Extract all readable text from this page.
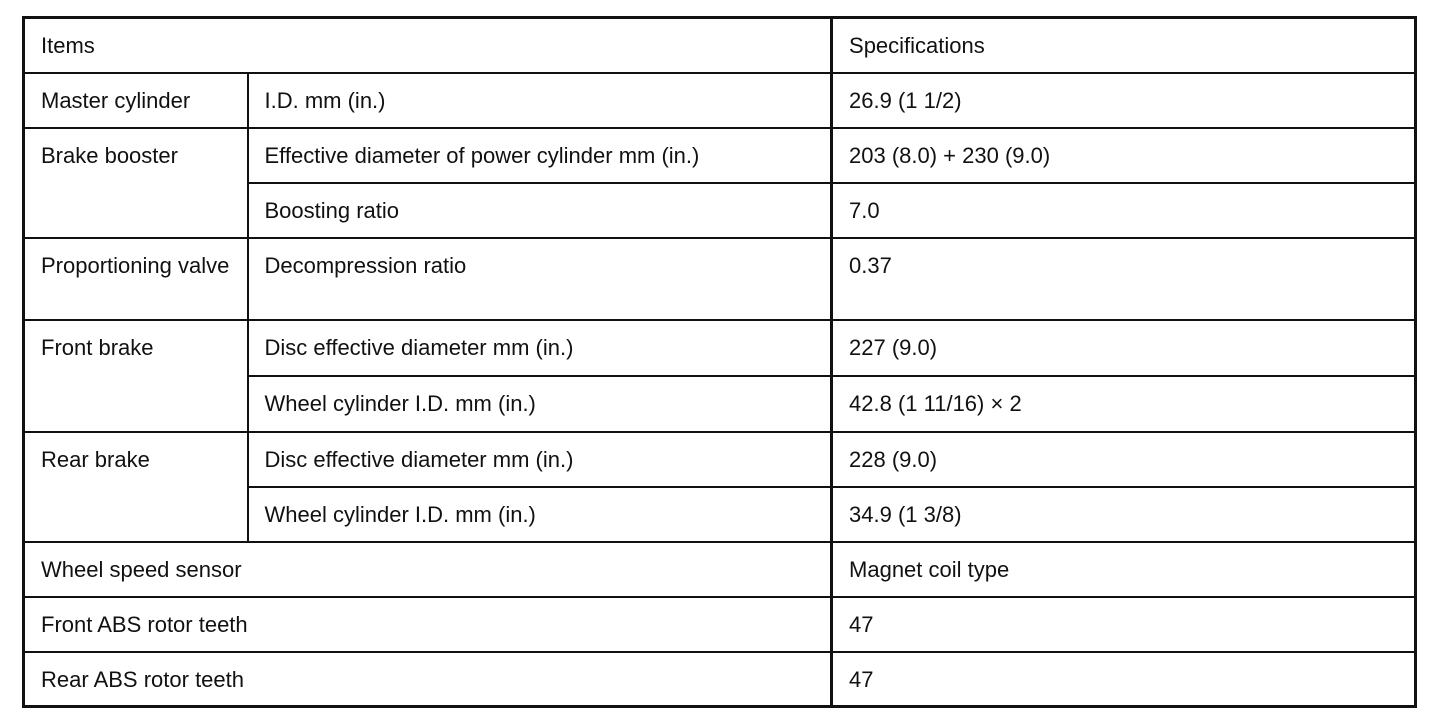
Items		Specifications
Master cylinder	I.D. mm (in.)	26.9 (1 1/2)
Brake booster	Effective diameter of power cylinder mm (in.)	203 (8.0) + 230 (9.0)
	Boosting ratio	7.0
Proportioning valve	Decompression ratio	0.37
Front brake	Disc effective diameter mm (in.)	227 (9.0)
	Wheel cylinder I.D. mm (in.)	42.8 (1 11/16) × 2
Rear brake	Disc effective diameter mm (in.)	228 (9.0)
	Wheel cylinder I.D. mm (in.)	34.9 (1 3/8)
Wheel speed sensor		Magnet coil type
Front ABS rotor teeth		47
Rear ABS rotor teeth		47
